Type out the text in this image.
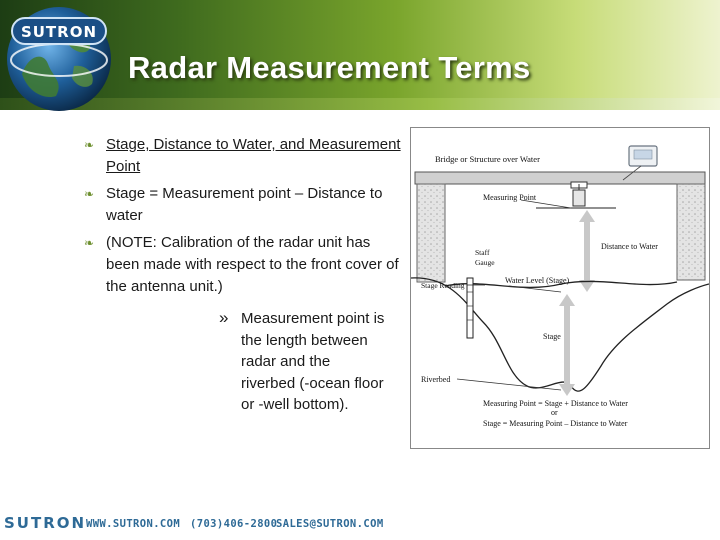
SUTRON
Radar Measurement Terms
❧ Stage, Distance to Water, and Measurement Point
❧ Stage = Measurement point – Distance to water
❧ (NOTE: Calibration of the radar unit has been made with respect to the front cover of the antenna unit.)
» Measurement point is
the length between
radar and the
riverbed (-ocean floor
or -well bottom).
Bridge or Structure over Water
Measuring Point
Distance to Water
Staff
Gauge
Water Level (Stage)
Stage Reading
Stage
Riverbed
Measuring Point = Stage + Distance to Water
or
Stage = Measuring Point – Distance to Water
SUTRON WWW.SUTRON.COM (703)406-2800
SALES@SUTRON.COM
